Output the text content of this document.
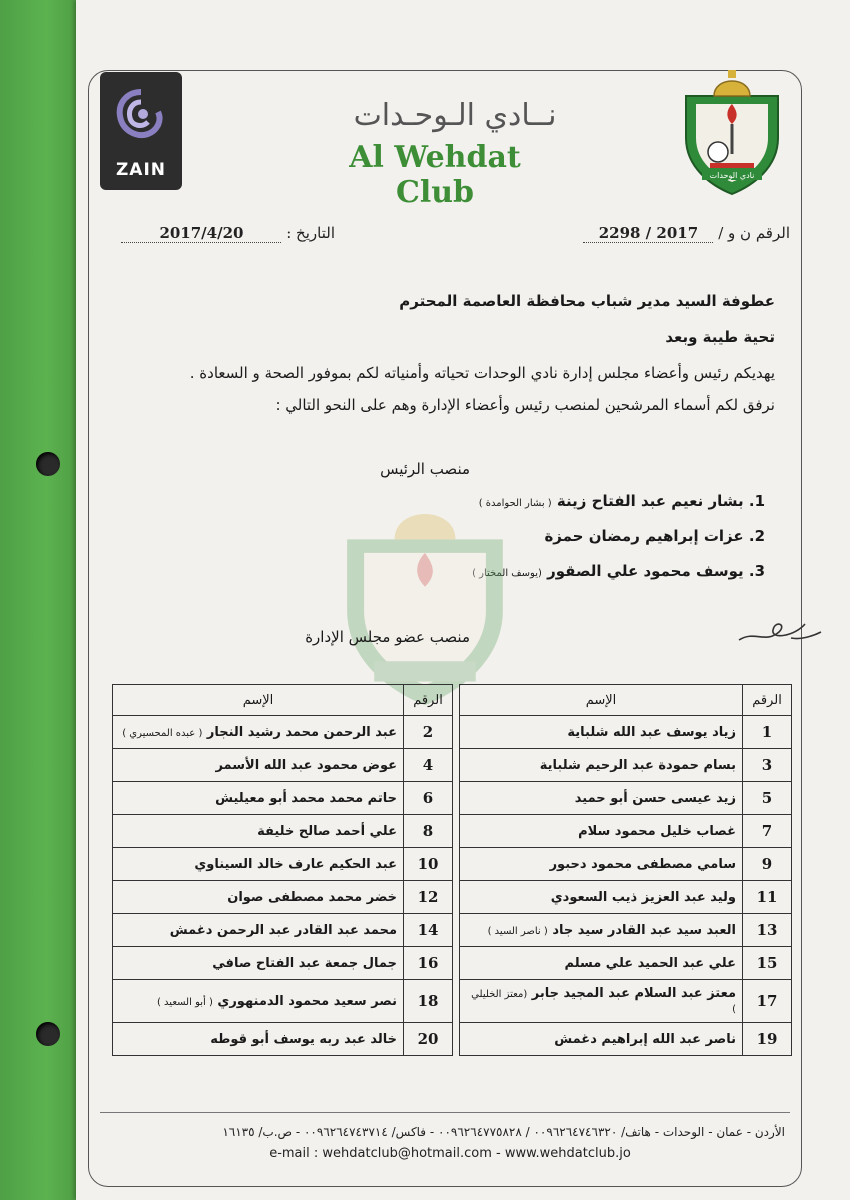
ZAIN
نــادي الـوحـدات
Al Wehdat Club	نادي الوحدات
الرقم ن و / 2017 / 2298
التاريخ : 2017/4/20
عطوفة السيد مدير شباب محافظة العاصمة المحترم
تحية طيبة وبعد
يهديكم رئيس وأعضاء مجلس إدارة نادي الوحدات تحياته وأمنياته لكم بموفور الصحة و السعادة .
نرفق لكم أسماء المرشحين لمنصب رئيس وأعضاء الإدارة وهم على النحو التالي :
منصب الرئيس
1. بشار نعيم عبد الفتاح زينة ( بشار الحوامدة )
2. عزات إبراهيم رمضان حمزة
3. يوسف محمود علي الصقور (يوسف المختار )
منصب عضو مجلس الإدارة
الرقم	الإسم		الرقم	الإسم
1	زياد يوسف عبد الله شلباية		2	عبد الرحمن محمد رشيد النجار ( عبده المحسيري )
3	بسام حمودة عبد الرحيم شلباية		4	عوض محمود عبد الله الأسمر
5	زيد عيسى حسن أبو حميد		6	حاتم محمد محمد أبو معيليش
7	غصاب خليل محمود سلام		8	علي أحمد صالح خليفة
9	سامي مصطفى محمود دحبور		10	عبد الحكيم عارف خالد السيناوي
11	وليد عبد العزيز ذيب السعودي		12	خضر محمد مصطفى صوان
13	العبد سيد عبد القادر سيد جاد ( ناصر السيد )		14	محمد عبد القادر عبد الرحمن دغمش
15	علي عبد الحميد علي مسلم		16	جمال جمعة عبد الفتاح صافي
17	معتز عبد السلام عبد المجيد جابر (معتز الخليلي )		18	نصر سعيد محمود الدمنهوري ( أبو السعيد )
19	ناصر عبد الله إبراهيم دغمش		20	خالد عبد ربه يوسف أبو قوطه
الأردن - عمان - الوحدات - هاتف/ ٠٠٩٦٢٦٤٧٤٦٣٢٠ / ٠٠٩٦٢٦٤٧٧٥٨٢٨ - فاكس/ ٠٠٩٦٢٦٤٧٤٣٧١٤ - ص.ب/ ١٦١٣٥
e-mail : wehdatclub@hotmail.com - www.wehdatclub.jo
